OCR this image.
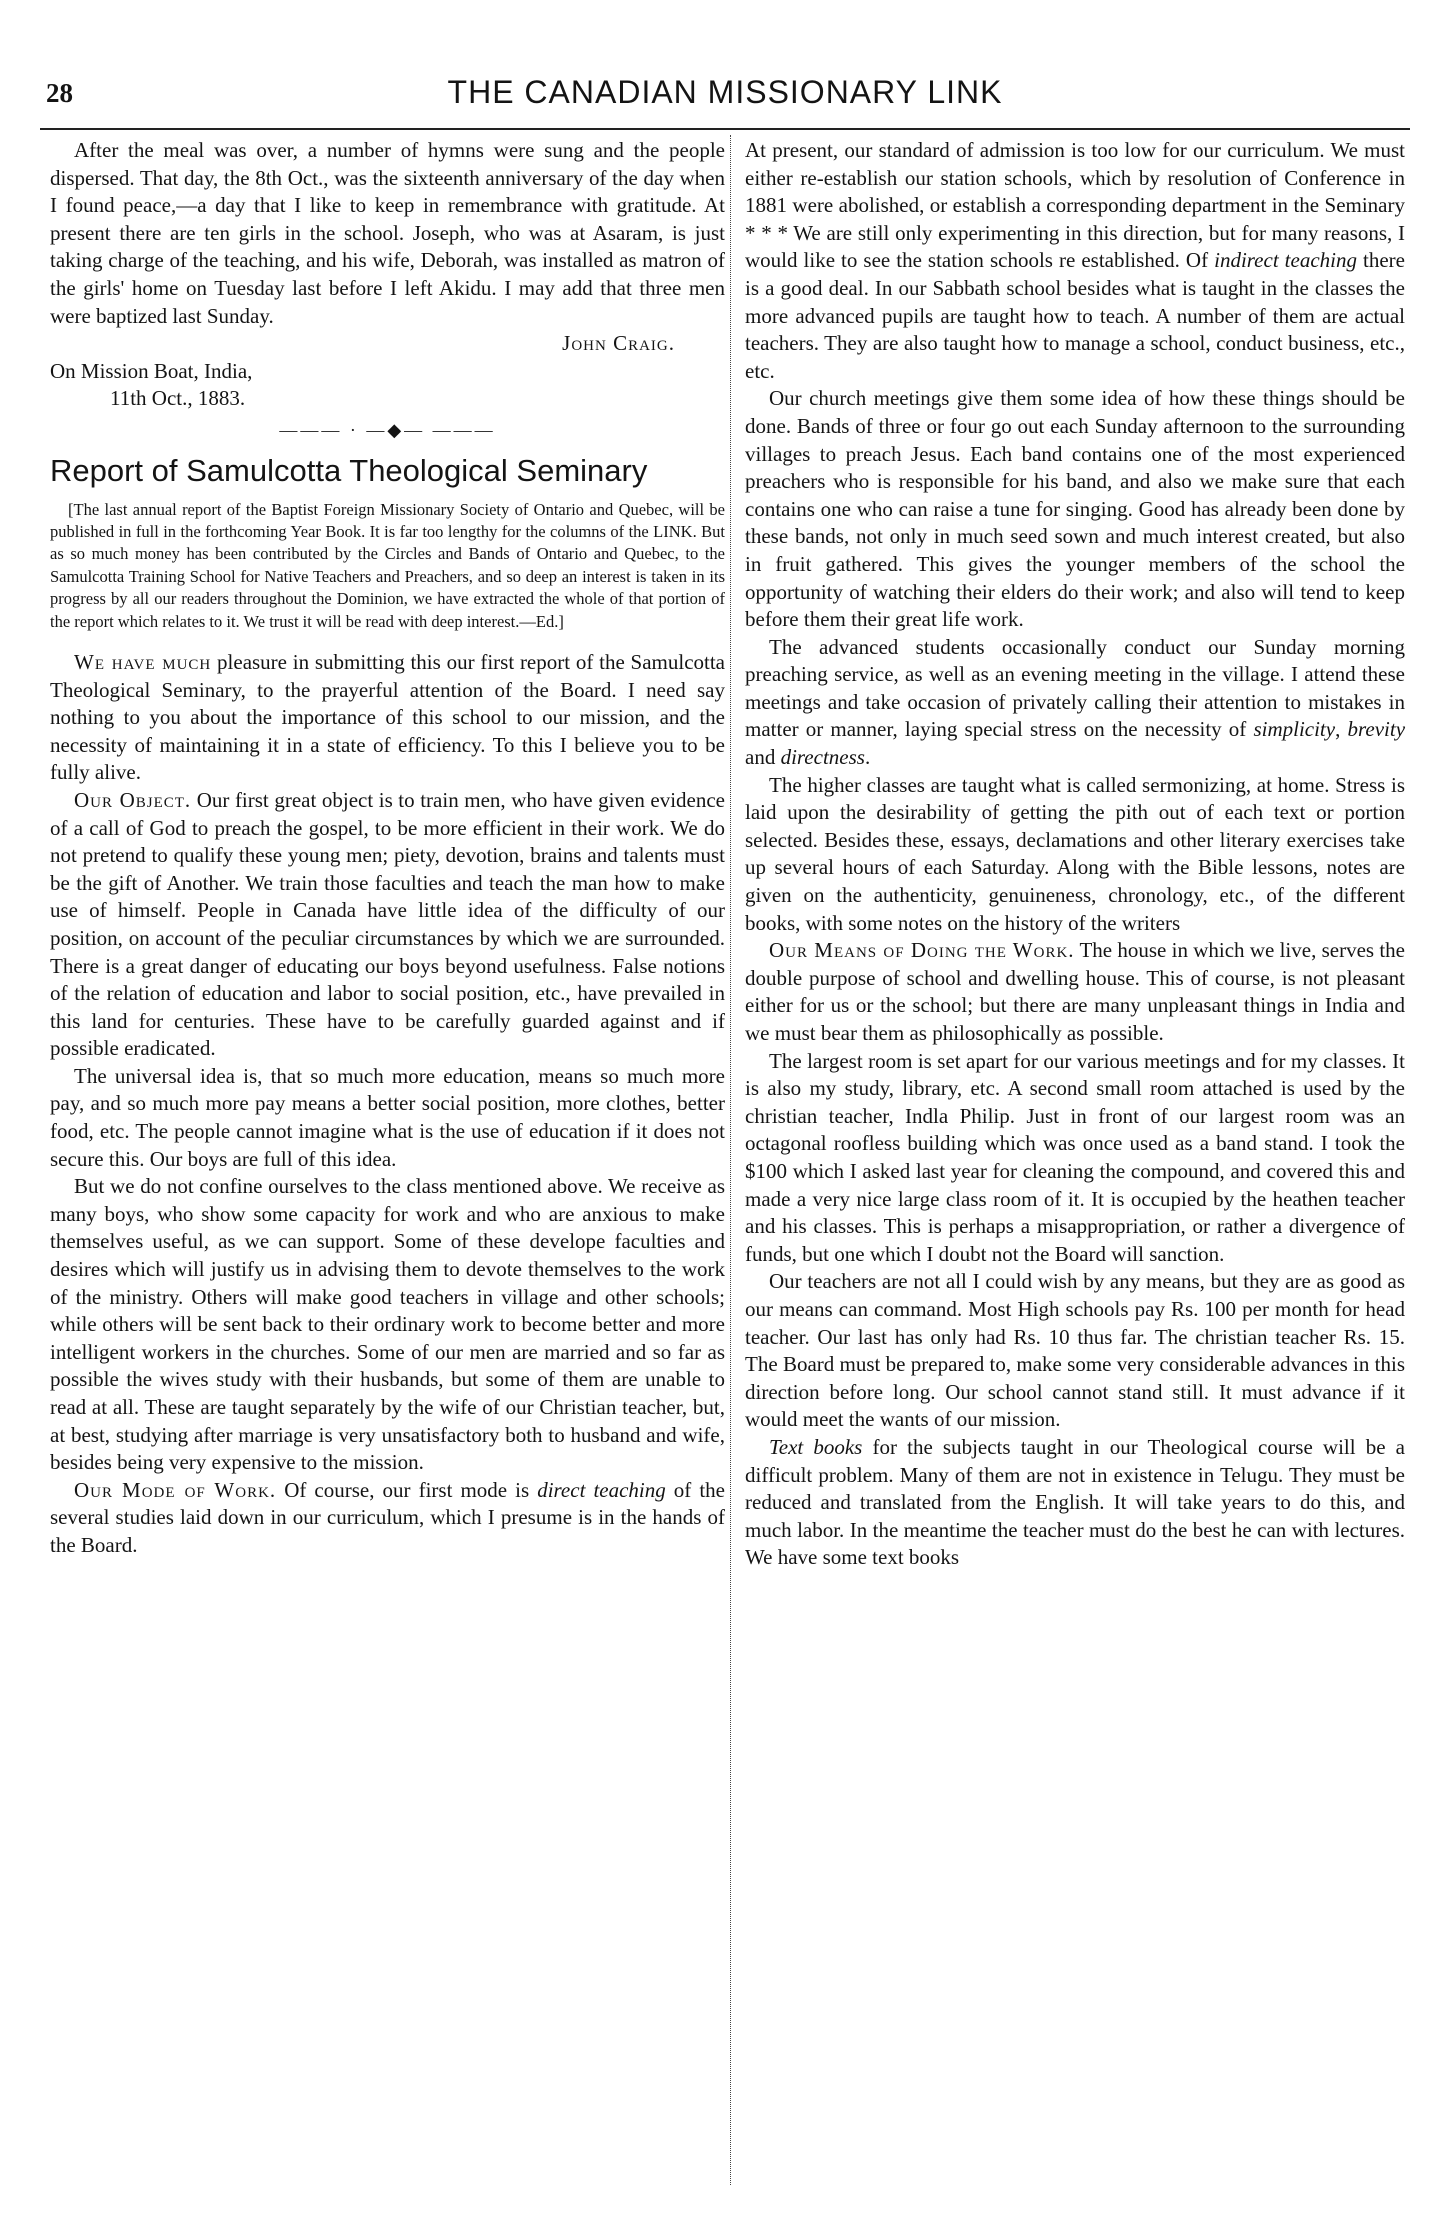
28	THE CANADIAN MISSIONARY LINK

After the meal was over, a number of hymns were sung and the people dispersed. That day, the 8th Oct., was the sixteenth anniversary of the day when I found peace,—a day that I like to keep in remembrance with gratitude. At present there are ten girls in the school. Joseph, who was at Asaram, is just taking charge of the teaching, and his wife, Deborah, was installed as matron of the girls' home on Tuesday last before I left Akidu. I may add that three men were baptized last Sunday.

John Craig.

On Mission Boat, India,

11th Oct., 1883.

——— · —◆— ———

Report of Samulcotta Theological Seminary

[The last annual report of the Baptist Foreign Missionary Society of Ontario and Quebec, will be published in full in the forthcoming Year Book. It is far too lengthy for the columns of the LINK. But as so much money has been contributed by the Circles and Bands of Ontario and Quebec, to the Samulcotta Training School for Native Teachers and Preachers, and so deep an interest is taken in its progress by all our readers throughout the Dominion, we have extracted the whole of that portion of the report which relates to it. We trust it will be read with deep interest.—Ed.]

We have much pleasure in submitting this our first report of the Samulcotta Theological Seminary, to the prayerful attention of the Board. I need say nothing to you about the importance of this school to our mission, and the necessity of maintaining it in a state of efficiency. To this I believe you to be fully alive.

Our Object. Our first great object is to train men, who have given evidence of a call of God to preach the gospel, to be more efficient in their work. We do not pretend to qualify these young men; piety, devotion, brains and talents must be the gift of Another. We train those faculties and teach the man how to make use of himself. People in Canada have little idea of the difficulty of our position, on account of the peculiar circumstances by which we are surrounded. There is a great danger of educating our boys beyond usefulness. False notions of the relation of education and labor to social position, etc., have prevailed in this land for centuries. These have to be carefully guarded against and if possible eradicated.

The universal idea is, that so much more education, means so much more pay, and so much more pay means a better social position, more clothes, better food, etc. The people cannot imagine what is the use of education if it does not secure this. Our boys are full of this idea.

But we do not confine ourselves to the class mentioned above. We receive as many boys, who show some capacity for work and who are anxious to make themselves useful, as we can support. Some of these develope faculties and desires which will justify us in advising them to devote themselves to the work of the ministry. Others will make good teachers in village and other schools; while others will be sent back to their ordinary work to become better and more intelligent workers in the churches. Some of our men are married and so far as possible the wives study with their husbands, but some of them are unable to read at all. These are taught separately by the wife of our Christian teacher, but, at best, studying after marriage is very unsatisfactory both to husband and wife, besides being very expensive to the mission.

Our Mode of Work. Of course, our first mode is direct teaching of the several studies laid down in our curriculum, which I presume is in the hands of the Board.

At present, our standard of admission is too low for our curriculum. We must either re-establish our station schools, which by resolution of Conference in 1881 were abolished, or establish a corresponding department in the Seminary * * * We are still only experimenting in this direction, but for many reasons, I would like to see the station schools re established. Of indirect teaching there is a good deal. In our Sabbath school besides what is taught in the classes the more advanced pupils are taught how to teach. A number of them are actual teachers. They are also taught how to manage a school, conduct business, etc., etc.

Our church meetings give them some idea of how these things should be done. Bands of three or four go out each Sunday afternoon to the surrounding villages to preach Jesus. Each band contains one of the most experienced preachers who is responsible for his band, and also we make sure that each contains one who can raise a tune for singing. Good has already been done by these bands, not only in much seed sown and much interest created, but also in fruit gathered. This gives the younger members of the school the opportunity of watching their elders do their work; and also will tend to keep before them their great life work.

The advanced students occasionally conduct our Sunday morning preaching service, as well as an evening meeting in the village. I attend these meetings and take occasion of privately calling their attention to mistakes in matter or manner, laying special stress on the necessity of simplicity, brevity and directness.

The higher classes are taught what is called sermonizing, at home. Stress is laid upon the desirability of getting the pith out of each text or portion selected. Besides these, essays, declamations and other literary exercises take up several hours of each Saturday. Along with the Bible lessons, notes are given on the authenticity, genuineness, chronology, etc., of the different books, with some notes on the history of the writers

Our Means of Doing the Work. The house in which we live, serves the double purpose of school and dwelling house. This of course, is not pleasant either for us or the school; but there are many unpleasant things in India and we must bear them as philosophically as possible.

The largest room is set apart for our various meetings and for my classes. It is also my study, library, etc. A second small room attached is used by the christian teacher, Indla Philip. Just in front of our largest room was an octagonal roofless building which was once used as a band stand. I took the $100 which I asked last year for cleaning the compound, and covered this and made a very nice large class room of it. It is occupied by the heathen teacher and his classes. This is perhaps a misappropriation, or rather a divergence of funds, but one which I doubt not the Board will sanction.

Our teachers are not all I could wish by any means, but they are as good as our means can command. Most High schools pay Rs. 100 per month for head teacher. Our last has only had Rs. 10 thus far. The christian teacher Rs. 15. The Board must be prepared to, make some very considerable advances in this direction before long. Our school cannot stand still. It must advance if it would meet the wants of our mission.

Text books for the subjects taught in our Theological course will be a difficult problem. Many of them are not in existence in Telugu. They must be reduced and translated from the English. It will take years to do this, and much labor. In the meantime the teacher must do the best he can with lectures. We have some text books
